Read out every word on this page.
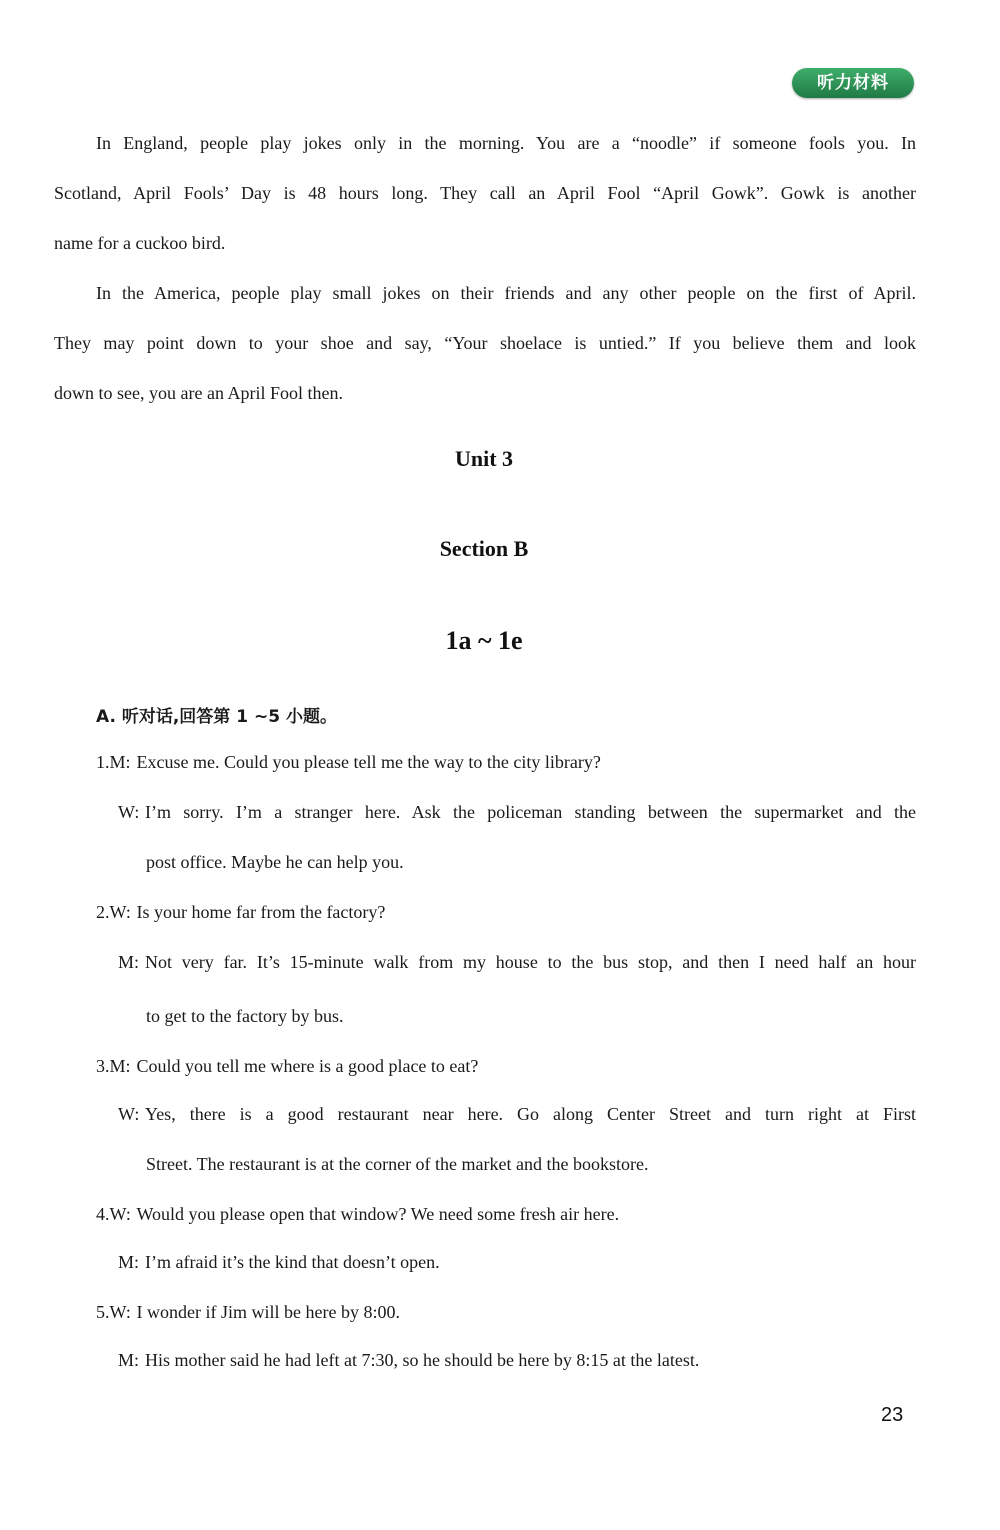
听力材料
In England, people play jokes only in the morning. You are a “noodle” if someone fools you. In
Scotland, April Fools’ Day is 48 hours long. They call an April Fool “April Gowk”. Gowk is another
name for a cuckoo bird.
In the America, people play small jokes on their friends and any other people on the first of April.
They may point down to your shoe and say, “Your shoelace is untied.” If you believe them and look
down to see, you are an April Fool then.
Unit 3
Section B
1a ~ 1e
A. 听对话,回答第 1 ~5 小题。
1.M: Excuse me. Could you please tell me the way to the city library?
W: I’m sorry. I’m a stranger here. Ask the policeman standing between the supermarket and the
post office. Maybe he can help you.
2.W: Is your home far from the factory?
M: Not very far. It’s 15-minute walk from my house to the bus stop, and then I need half an hour
to get to the factory by bus.
3.M: Could you tell me where is a good place to eat?
W: Yes, there is a good restaurant near here. Go along Center Street and turn right at First
Street. The restaurant is at the corner of the market and the bookstore.
4.W: Would you please open that window? We need some fresh air here.
M: I’m afraid it’s the kind that doesn’t open.
5.W: I wonder if Jim will be here by 8:00.
M: His mother said he had left at 7:30, so he should be here by 8:15 at the latest.
23
